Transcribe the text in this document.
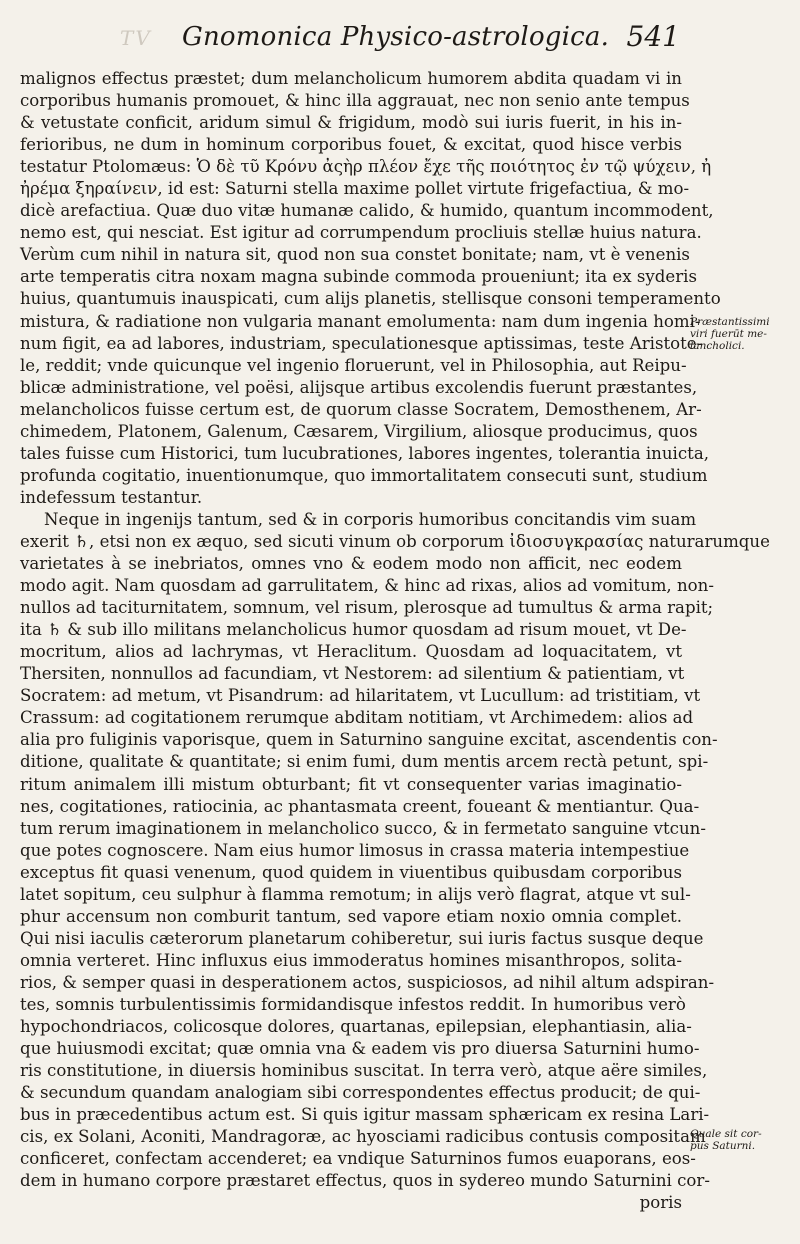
TV Gnomonica Physico-astrologica. 541
malignos effectus præstet; dum melancholicum humorem abdita quadam vi in
corporibus humanis promouet, & hinc illa aggrauat, nec non senio ante tempus
& vetustate conficit, aridum simul & frigidum, modò sui iuris fuerit, in his in-
ferioribus, ne dum in hominum corporibus fouet, & excitat, quod hisce verbis
testatur Ptolomæus: Ὁ δὲ τῦ Κρόνυ ἀςὴρ πλέον ἔχε τῆς ποιότητος ἐν τῷ ψύχειν, ἠ
ἠρέμα ξηραίνειν, id est: Saturni stella maxime pollet virtute frigefactiua, & mo-
dicè arefactiua. Quæ duo vitæ humanæ calido, & humido, quantum incommodent,
nemo est, qui nesciat. Est igitur ad corrumpendum procliuis stellæ huius natura.
Verùm cum nihil in natura sit, quod non sua constet bonitate; nam, vt è venenis
arte temperatis citra noxam magna subinde commoda proueniunt; ita ex syderis
huius, quantumuis inauspicati, cum alijs planetis, stellisque consoni temperamento
mistura, & radiatione non vulgaria manant emolumenta: nam dum ingenia homi-
num figit, ea ad labores, industriam, speculationesque aptissimas, teste Aristote-
le, reddit; vnde quicunque vel ingenio floruerunt, vel in Philosophia, aut Reipu-
blicæ administratione, vel poësi, alijsque artibus excolendis fuerunt præstantes,
melancholicos fuisse certum est, de quorum classe Socratem, Demosthenem, Ar-
chimedem, Platonem, Galenum, Cæsarem, Virgilium, aliosque producimus, quos
tales fuisse cum Historici, tum lucubrationes, labores ingentes, tolerantia inuicta,
profunda cogitatio, inuentionumque, quo immortalitatem consecuti sunt, studium
indefessum testantur.
Neque in ingenijs tantum, sed & in corporis humoribus concitandis vim suam
exerit ♄, etsi non ex æquo, sed sicuti vinum ob corporum ἰδιοσυγκρασίας naturarumque
varietates à se inebriatos, omnes vno & eodem modo non afficit, nec eodem
modo agit. Nam quosdam ad garrulitatem, & hinc ad rixas, alios ad vomitum, non-
nullos ad taciturnitatem, somnum, vel risum, plerosque ad tumultus & arma rapit;
ita ♄ & sub illo militans melancholicus humor quosdam ad risum mouet, vt De-
mocritum, alios ad lachrymas, vt Heraclitum. Quosdam ad loquacitatem, vt
Thersiten, nonnullos ad facundiam, vt Nestorem: ad silentium & patientiam, vt
Socratem: ad metum, vt Pisandrum: ad hilaritatem, vt Lucullum: ad tristitiam, vt
Crassum: ad cogitationem rerumque abditam notitiam, vt Archimedem: alios ad
alia pro fuliginis vaporisque, quem in Saturnino sanguine excitat, ascendentis con-
ditione, qualitate & quantitate; si enim fumi, dum mentis arcem rectà petunt, spi-
ritum animalem illi mistum obturbant; fit vt consequenter varias imaginatio-
nes, cogitationes, ratiocinia, ac phantasmata creent, foueant & mentiantur. Qua-
tum rerum imaginationem in melancholico succo, & in fermetato sanguine vtcun-
que potes cognoscere. Nam eius humor limosus in crassa materia intempestiue
exceptus fit quasi venenum, quod quidem in viuentibus quibusdam corporibus
latet sopitum, ceu sulphur à flamma remotum; in alijs verò flagrat, atque vt sul-
phur accensum non comburit tantum, sed vapore etiam noxio omnia complet.
Qui nisi iaculis cæterorum planetarum cohiberetur, sui iuris factus susque deque
omnia verteret. Hinc influxus eius immoderatus homines misanthropos, solita-
rios, & semper quasi in desperationem actos, suspiciosos, ad nihil altum adspiran-
tes, somnis turbulentissimis formidandisque infestos reddit. In humoribus verò
hypochondriacos, colicosque dolores, quartanas, epilepsian, elephantiasin, alia-
que huiusmodi excitat; quæ omnia vna & eadem vis pro diuersa Saturnini humo-
ris constitutione, in diuersis hominibus suscitat. In terra verò, atque aëre similes,
& secundum quandam analogiam sibi correspondentes effectus producit; de qui-
bus in præcedentibus actum est. Si quis igitur massam sphæricam ex resina Lari-
cis, ex Solani, Aconiti, Mandragoræ, ac hyosciami radicibus contusis compositam
conficeret, confectam accenderet; ea vndique Saturninos fumos euaporans, eos-
dem in humano corpore præstaret effectus, quos in sydereo mundo Saturnini cor-
poris
Præstantissimi
viri fuerūt me-
lancholici.
Quale sit cor-
pus Saturni.
